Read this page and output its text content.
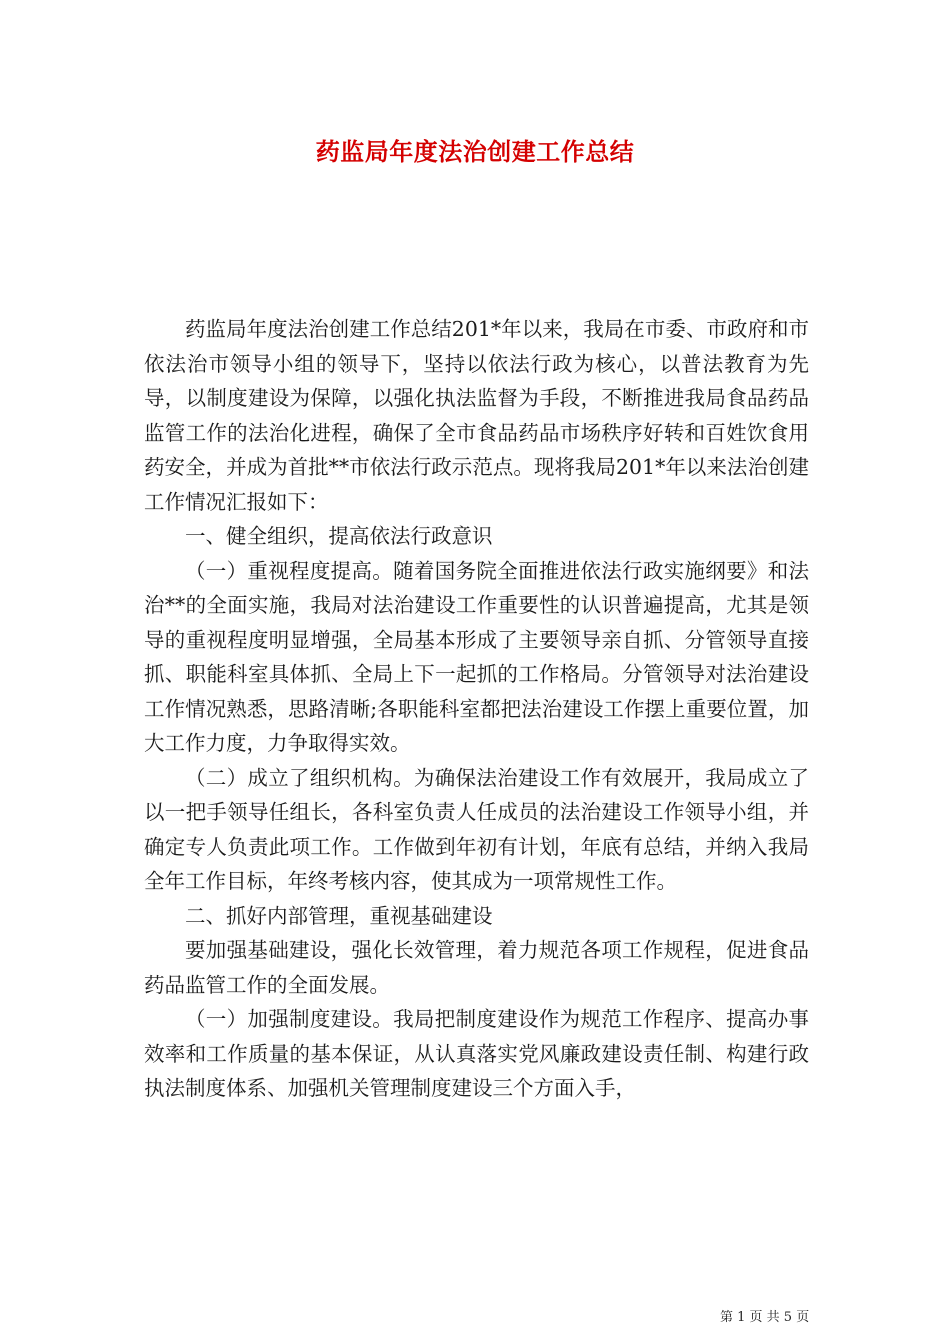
药监局年度法治创建工作总结

药监局年度法治创建工作总结201*年以来，我局在市委、市政府和市依法治市领导小组的领导下，坚持以依法行政为核心，以普法教育为先导，以制度建设为保障，以强化执法监督为手段，不断推进我局食品药品监管工作的法治化进程，确保了全市食品药品市场秩序好转和百姓饮食用药安全，并成为首批**市依法行政示范点。现将我局201*年以来法治创建工作情况汇报如下：

一、健全组织，提高依法行政意识

（一）重视程度提高。随着国务院全面推进依法行政实施纲要》和法治**的全面实施，我局对法治建设工作重要性的认识普遍提高，尤其是领导的重视程度明显增强，全局基本形成了主要领导亲自抓、分管领导直接抓、职能科室具体抓、全局上下一起抓的工作格局。分管领导对法治建设工作情况熟悉，思路清晰;各职能科室都把法治建设工作摆上重要位置，加大工作力度，力争取得实效。

（二）成立了组织机构。为确保法治建设工作有效展开，我局成立了以一把手领导任组长，各科室负责人任成员的法治建设工作领导小组，并确定专人负责此项工作。工作做到年初有计划，年底有总结，并纳入我局全年工作目标，年终考核内容，使其成为一项常规性工作。

二、抓好内部管理，重视基础建设

要加强基础建设，强化长效管理，着力规范各项工作规程，促进食品药品监管工作的全面发展。

（一）加强制度建设。我局把制度建设作为规范工作程序、提高办事效率和工作质量的基本保证，从认真落实党风廉政建设责任制、构建行政执法制度体系、加强机关管理制度建设三个方面入手，

第 1 页 共 5 页
